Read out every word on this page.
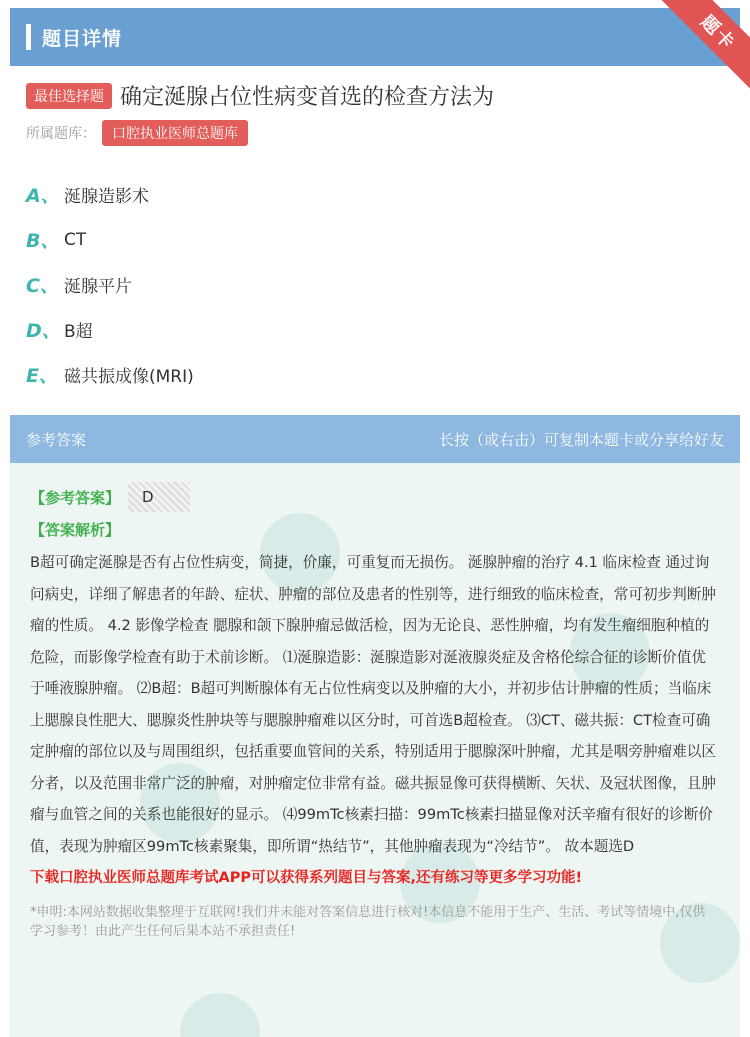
题目详情	题卡
最佳选择题 确定涎腺占位性病变首选的检查方法为
所属题库：	口腔执业医师总题库
A、 涎腺造影术
B、 CT
C、 涎腺平片
D、 B超
E、 磁共振成像(MRI)
参考答案	长按（或右击）可复制本题卡或分享给好友
【参考答案】	D
【答案解析】
B超可确定涎腺是否有占位性病变，简捷，价廉，可重复而无损伤。 涎腺肿瘤的治疗 4.1 临床检查 通过询问病史，详细了解患者的年龄、症状、肿瘤的部位及患者的性别等，进行细致的临床检查，常可初步判断肿瘤的性质。 4.2 影像学检查 腮腺和颌下腺肿瘤忌做活检，因为无论良、恶性肿瘤，均有发生瘤细胞种植的危险，而影像学检查有助于术前诊断。 ⑴涎腺造影：涎腺造影对涎液腺炎症及舍格伦综合征的诊断价值优于唾液腺肿瘤。 ⑵B超：B超可判断腺体有无占位性病变以及肿瘤的大小，并初步估计肿瘤的性质；当临床上腮腺良性肥大、腮腺炎性肿块等与腮腺肿瘤难以区分时，可首选B超检查。 ⑶CT、磁共振：CT检查可确定肿瘤的部位以及与周围组织，包括重要血管间的关系，特别适用于腮腺深叶肿瘤，尤其是咽旁肿瘤难以区分者，以及范围非常广泛的肿瘤，对肿瘤定位非常有益。磁共振显像可获得横断、矢状、及冠状图像，且肿瘤与血管之间的关系也能很好的显示。 ⑷99mTc核素扫描：99mTc核素扫描显像对沃辛瘤有很好的诊断价值，表现为肿瘤区99mTc核素聚集，即所谓“热结节”，其他肿瘤表现为“冷结节”。 故本题选D
下载口腔执业医师总题库考试APP可以获得系列题目与答案,还有练习等更多学习功能!
*申明:本网站数据收集整理于互联网!我们并未能对答案信息进行核对!本信息不能用于生产、生活、考试等情境中,仅供学习参考！由此产生任何后果本站不承担责任!
